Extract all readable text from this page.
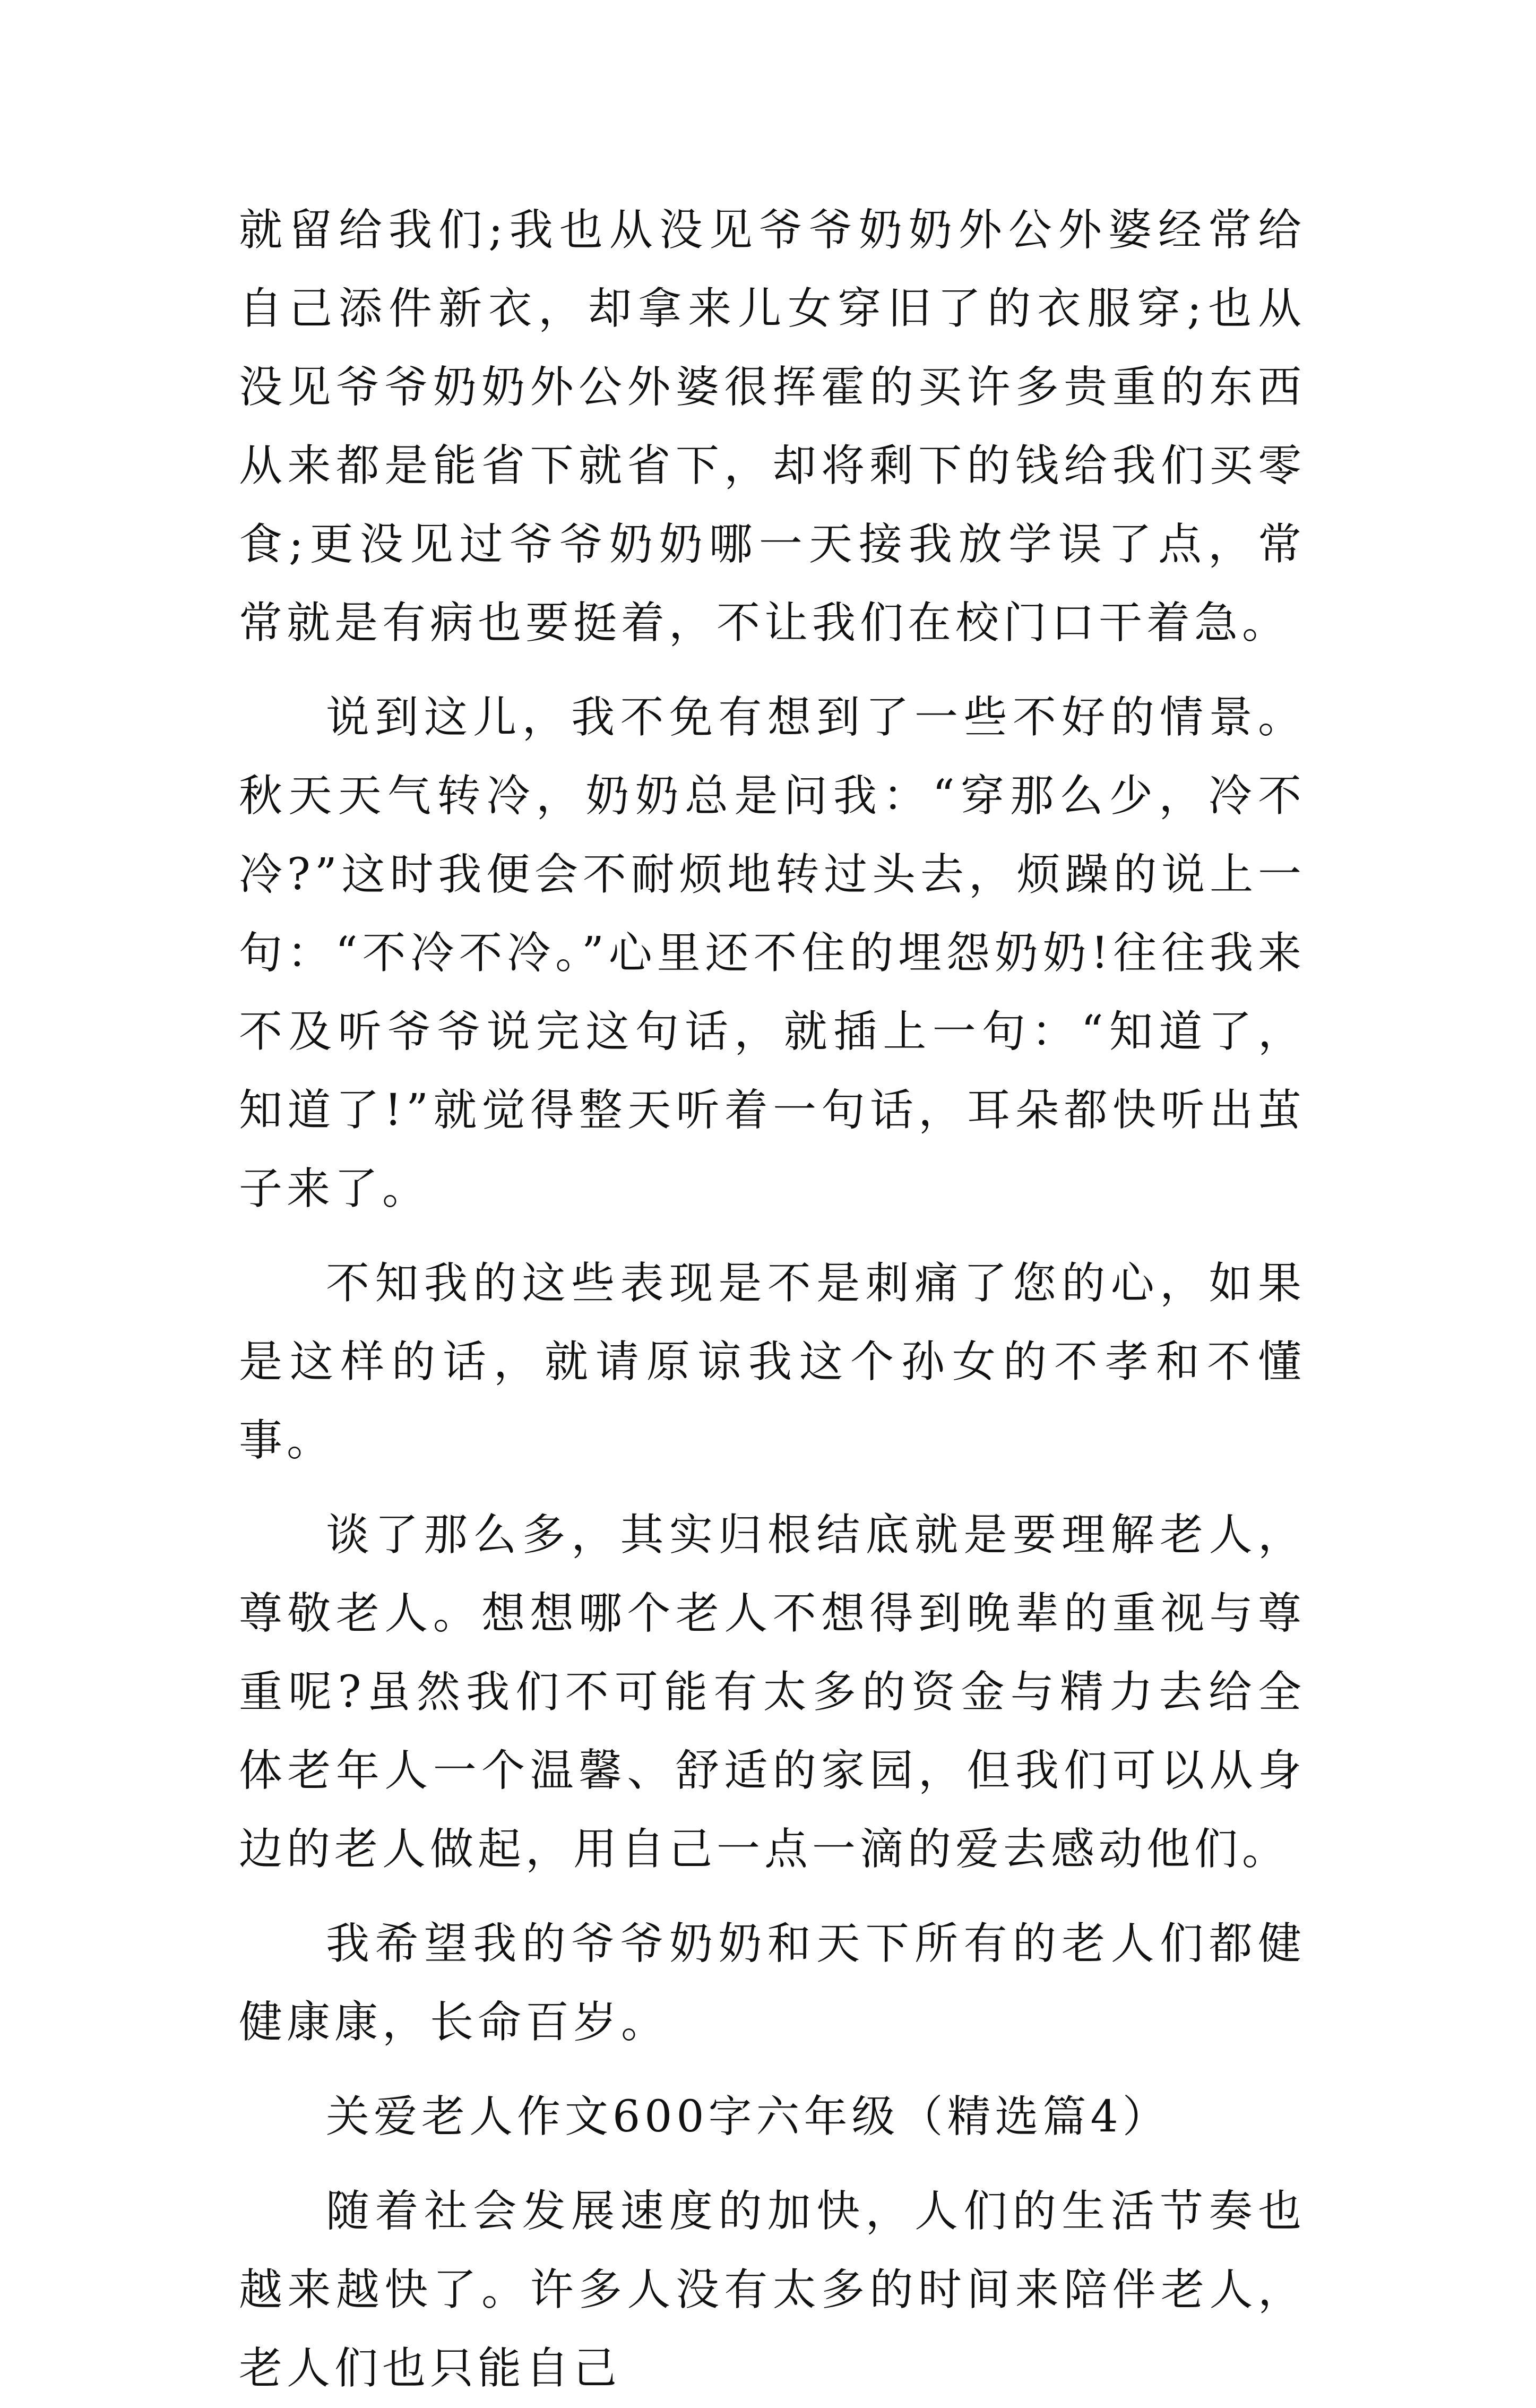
就留给我们;我也从没见爷爷奶奶外公外婆经常给自己添件新衣，却拿来儿女穿旧了的衣服穿;也从没见爷爷奶奶外公外婆很挥霍的买许多贵重的东西从来都是能省下就省下，却将剩下的钱给我们买零食;更没见过爷爷奶奶哪一天接我放学误了点，常常就是有病也要挺着，不让我们在校门口干着急。

说到这儿，我不免有想到了一些不好的情景。秋天天气转冷，奶奶总是问我：“穿那么少，冷不冷?”这时我便会不耐烦地转过头去，烦躁的说上一句：“不冷不冷。”心里还不住的埋怨奶奶!往往我来不及听爷爷说完这句话，就插上一句：“知道了，知道了!”就觉得整天听着一句话，耳朵都快听出茧子来了。

不知我的这些表现是不是刺痛了您的心，如果是这样的话，就请原谅我这个孙女的不孝和不懂事。

谈了那么多，其实归根结底就是要理解老人，尊敬老人。想想哪个老人不想得到晚辈的重视与尊重呢?虽然我们不可能有太多的资金与精力去给全体老年人一个温馨、舒适的家园，但我们可以从身边的老人做起，用自己一点一滴的爱去感动他们。

我希望我的爷爷奶奶和天下所有的老人们都健健康康，长命百岁。

关爱老人作文600字六年级（精选篇4）

随着社会发展速度的加快，人们的生活节奏也越来越快了。许多人没有太多的时间来陪伴老人，老人们也只能自己
